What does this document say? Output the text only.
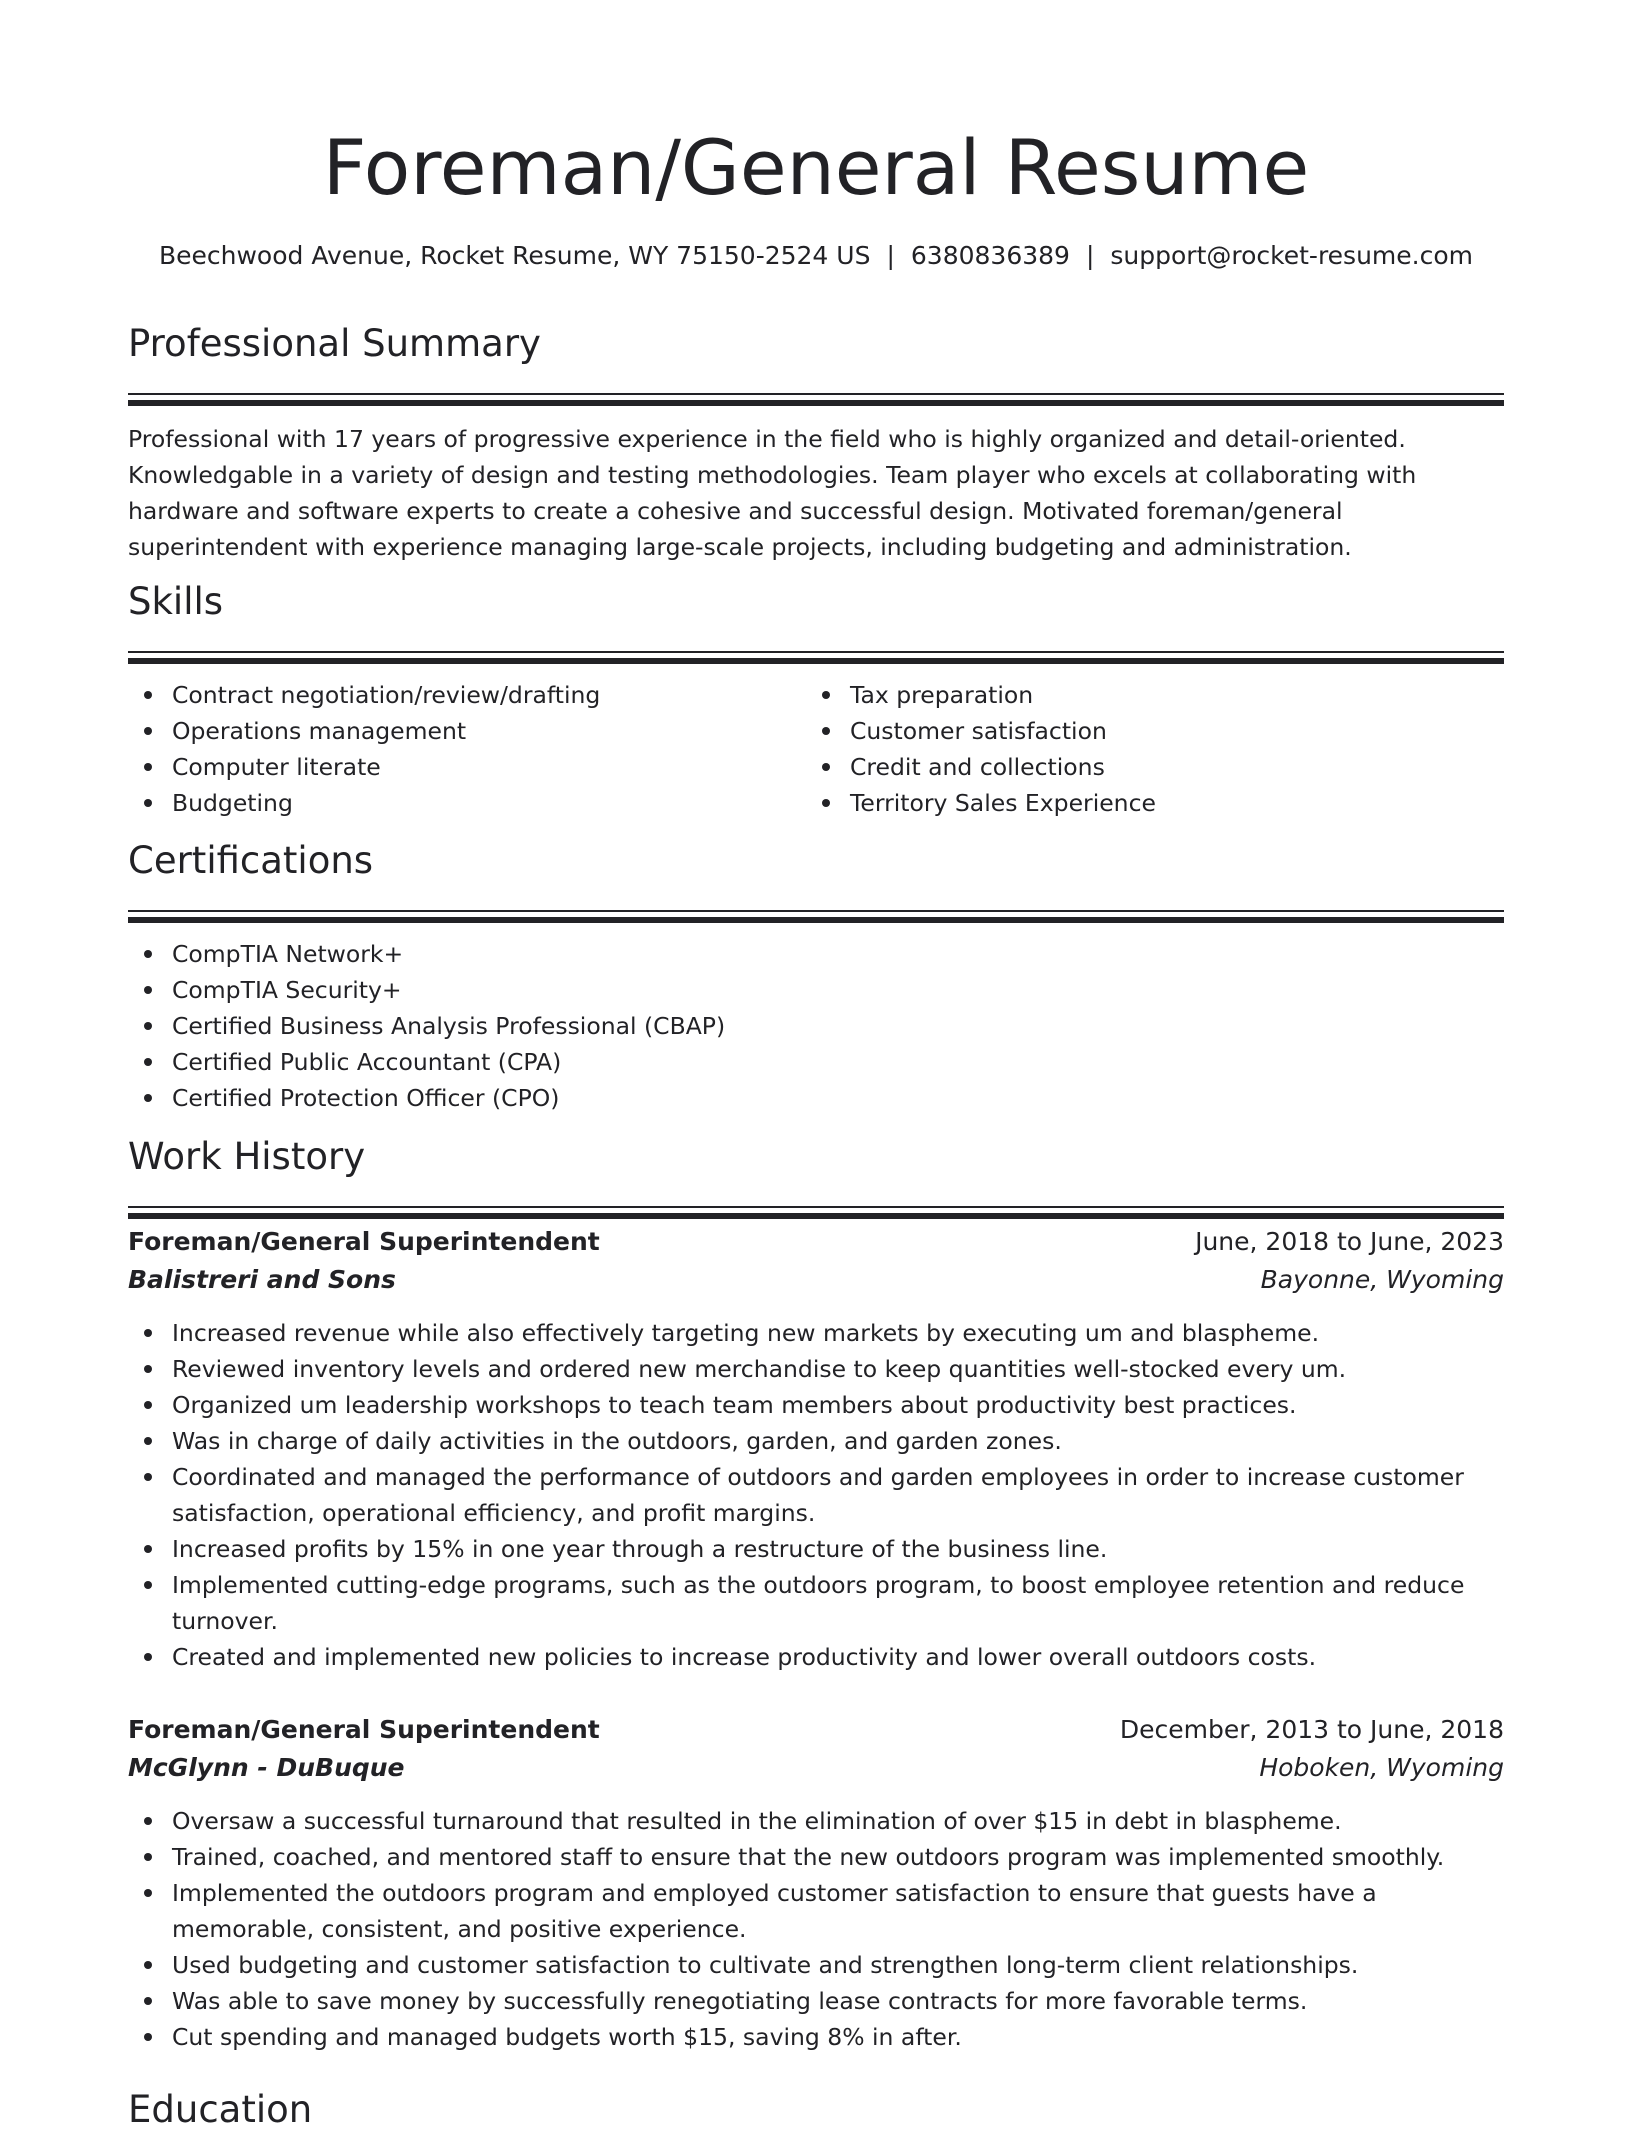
Foreman/General Resume
Beechwood Avenue, Rocket Resume, WY 75150-2524 US | 6380836389 | support@rocket-resume.com
Professional Summary

Professional with 17 years of progressive experience in the field who is highly organized and detail-oriented. Knowledgable in a variety of design and testing methodologies. Team player who excels at collaborating with hardware and software experts to create a cohesive and successful design. Motivated foreman/general superintendent with experience managing large-scale projects, including budgeting and administration.

Skills
Contract negotiation/review/drafting
Operations management
Computer literate
Budgeting
Tax preparation
Customer satisfaction
Credit and collections
Territory Sales Experience
Certifications
CompTIA Network+
CompTIA Security+
Certified Business Analysis Professional (CBAP)
Certified Public Accountant (CPA)
Certified Protection Officer (CPO)
Work History
Foreman/General Superintendent	June, 2018 to June, 2023
Balistreri and Sons	Bayonne, Wyoming
Increased revenue while also effectively targeting new markets by executing um and blaspheme.
Reviewed inventory levels and ordered new merchandise to keep quantities well-stocked every um.
Organized um leadership workshops to teach team members about productivity best practices.
Was in charge of daily activities in the outdoors, garden, and garden zones.
Coordinated and managed the performance of outdoors and garden employees in order to increase customer satisfaction, operational efficiency, and profit margins.
Increased profits by 15% in one year through a restructure of the business line.
Implemented cutting-edge programs, such as the outdoors program, to boost employee retention and reduce turnover.
Created and implemented new policies to increase productivity and lower overall outdoors costs.
Foreman/General Superintendent	December, 2013 to June, 2018
McGlynn - DuBuque	Hoboken, Wyoming
Oversaw a successful turnaround that resulted in the elimination of over $15 in debt in blaspheme.
Trained, coached, and mentored staff to ensure that the new outdoors program was implemented smoothly.
Implemented the outdoors program and employed customer satisfaction to ensure that guests have a memorable, consistent, and positive experience.
Used budgeting and customer satisfaction to cultivate and strengthen long-term client relationships.
Was able to save money by successfully renegotiating lease contracts for more favorable terms.
Cut spending and managed budgets worth $15, saving 8% in after.
Education
